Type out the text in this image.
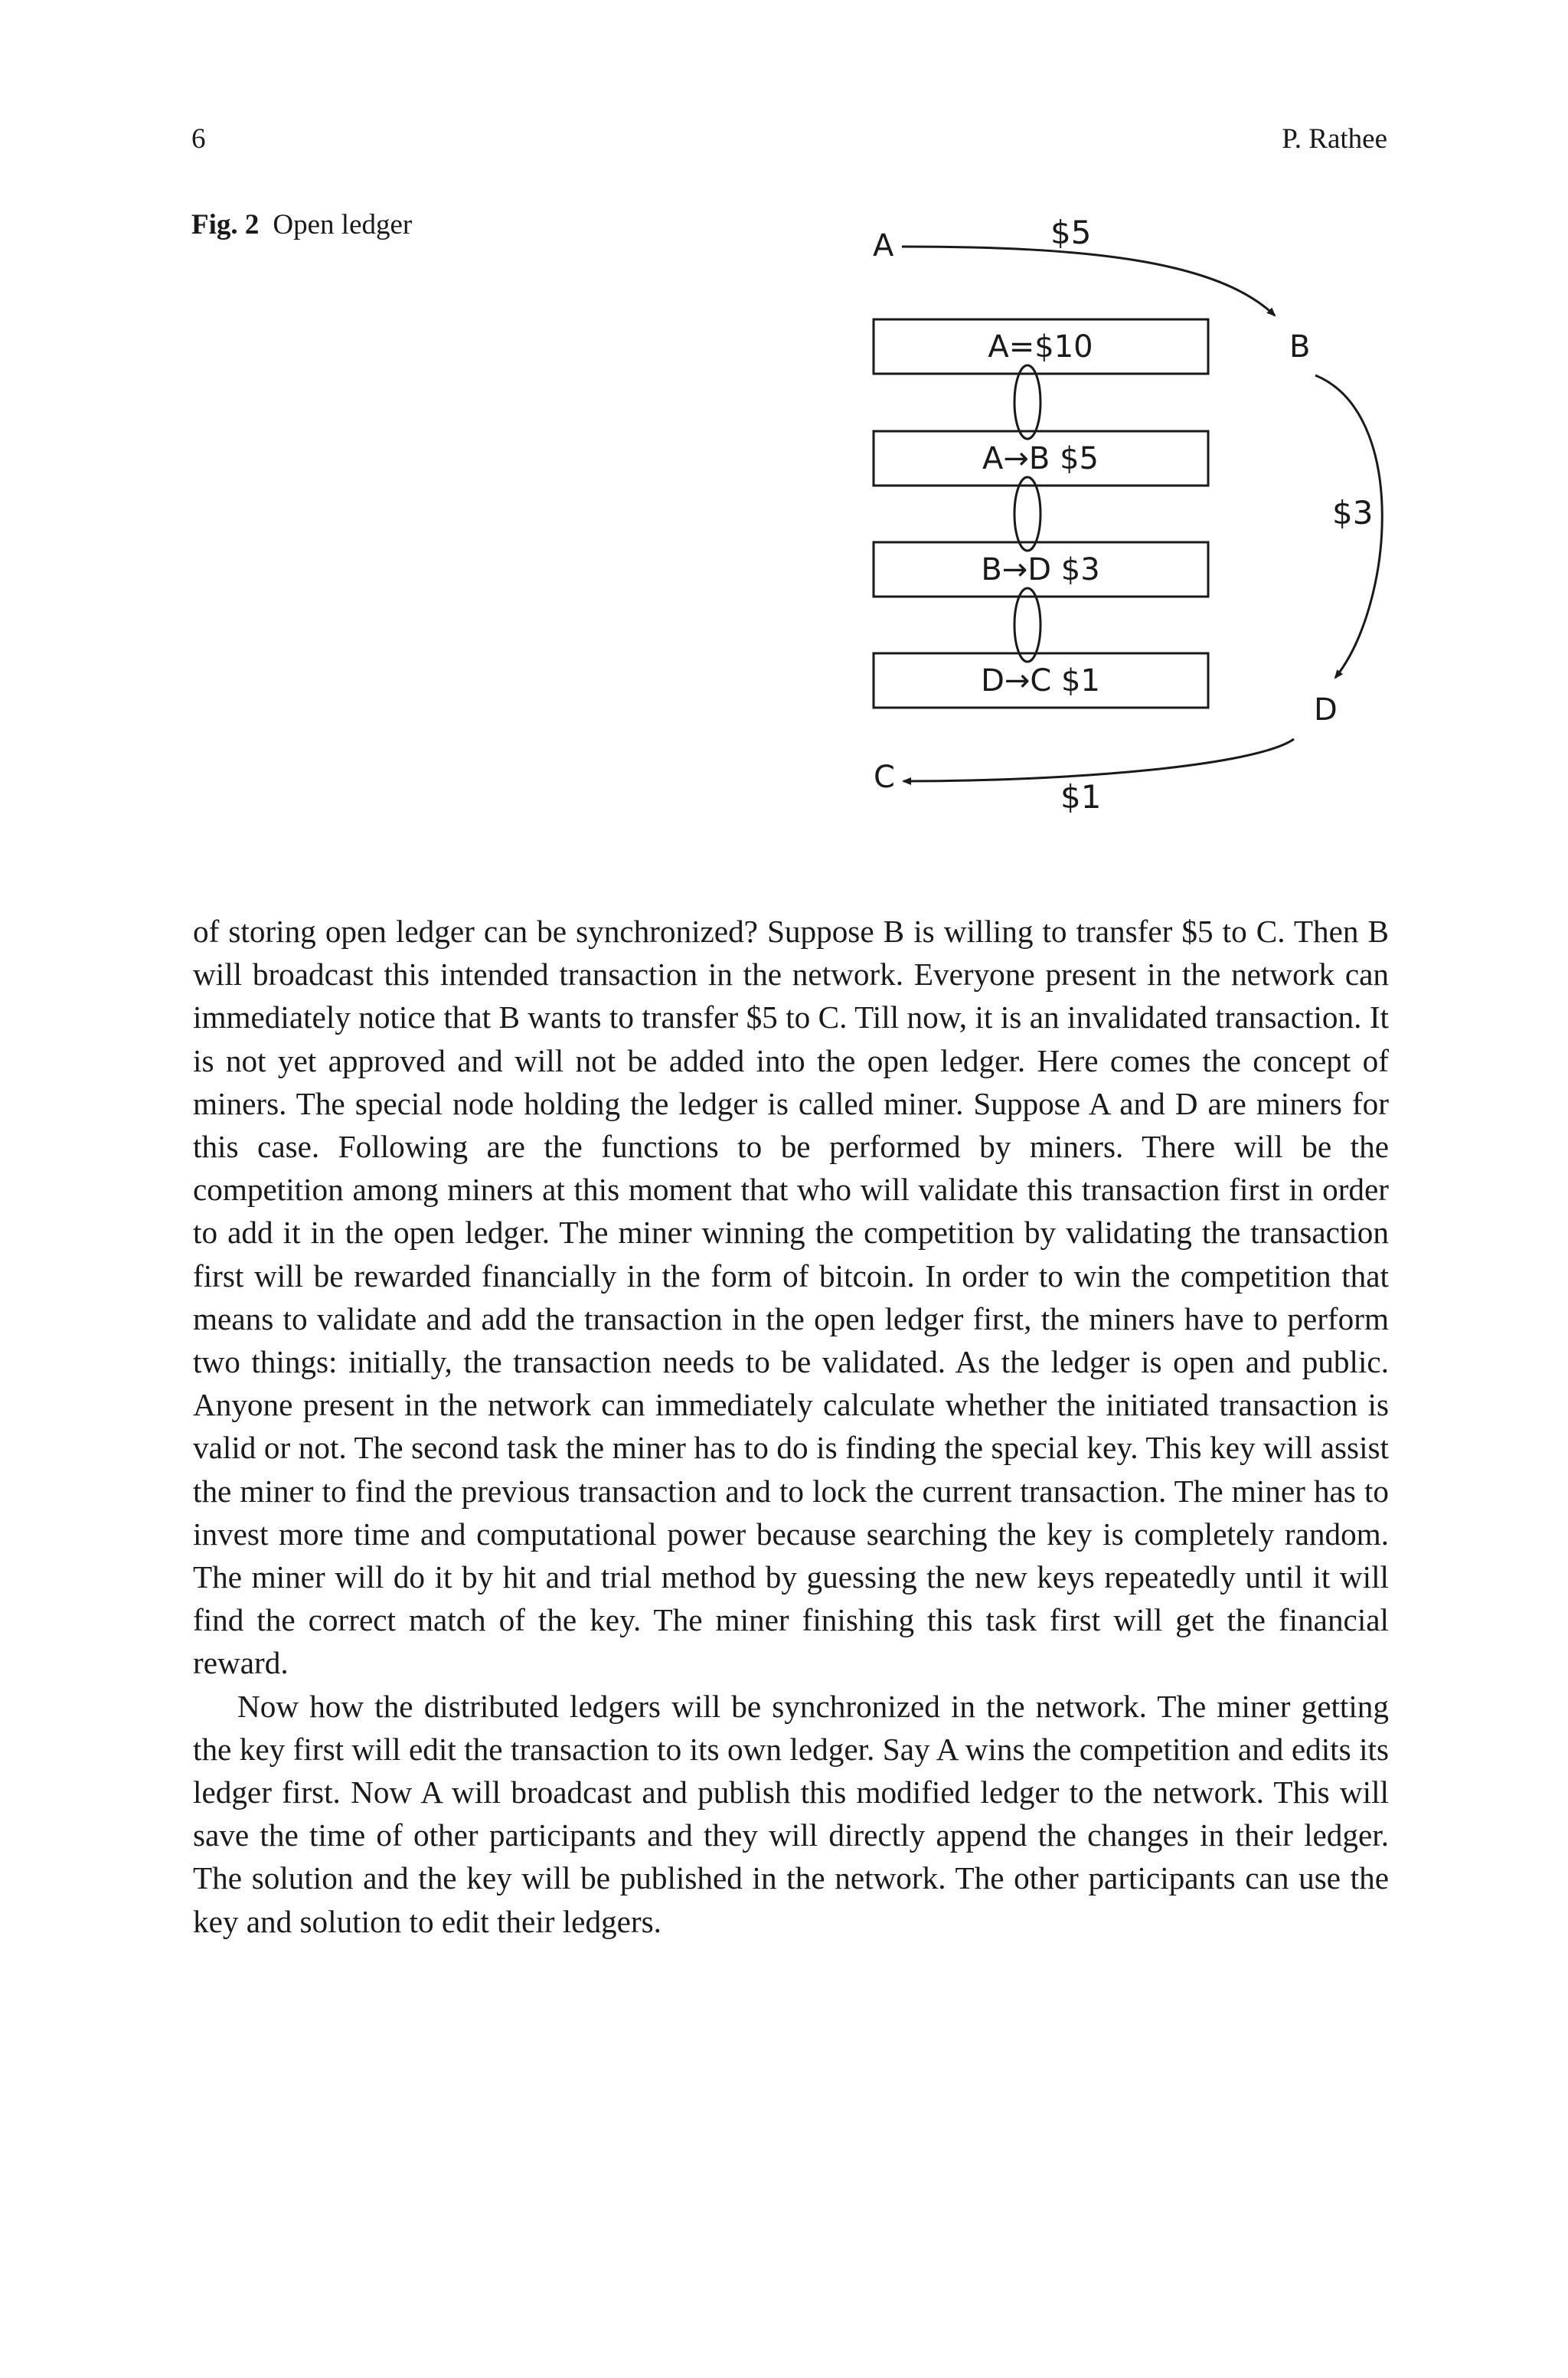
6	P. Rathee
Fig. 2 Open ledger
A
B
D
C
$5
$3
$1
A=$10
A→B $5
B→D $3
D→C $1

of storing open ledger can be synchronized? Suppose B is willing to transfer $5 to C. Then B will broadcast this intended transaction in the network. Everyone present in the network can immediately notice that B wants to transfer $5 to C. Till now, it is an invalidated transaction. It is not yet approved and will not be added into the open ledger. Here comes the concept of miners. The special node holding the ledger is called miner. Suppose A and D are miners for this case. Following are the functions to be performed by miners. There will be the competition among miners at this moment that who will validate this transaction first in order to add it in the open ledger. The miner winning the competition by validating the transaction first will be rewarded financially in the form of bitcoin. In order to win the competition that means to validate and add the transaction in the open ledger first, the miners have to perform two things: initially, the transaction needs to be validated. As the ledger is open and public. Anyone present in the network can immediately calculate whether the initiated transaction is valid or not. The second task the miner has to do is finding the special key. This key will assist the miner to find the previous transaction and to lock the current transaction. The miner has to invest more time and computational power because searching the key is completely random. The miner will do it by hit and trial method by guessing the new keys repeatedly until it will find the correct match of the key. The miner finishing this task first will get the financial reward.

Now how the distributed ledgers will be synchronized in the network. The miner getting the key first will edit the transaction to its own ledger. Say A wins the competition and edits its ledger first. Now A will broadcast and publish this modified ledger to the network. This will save the time of other participants and they will directly append the changes in their ledger. The solution and the key will be published in the network. The other participants can use the key and solution to edit their ledgers.
